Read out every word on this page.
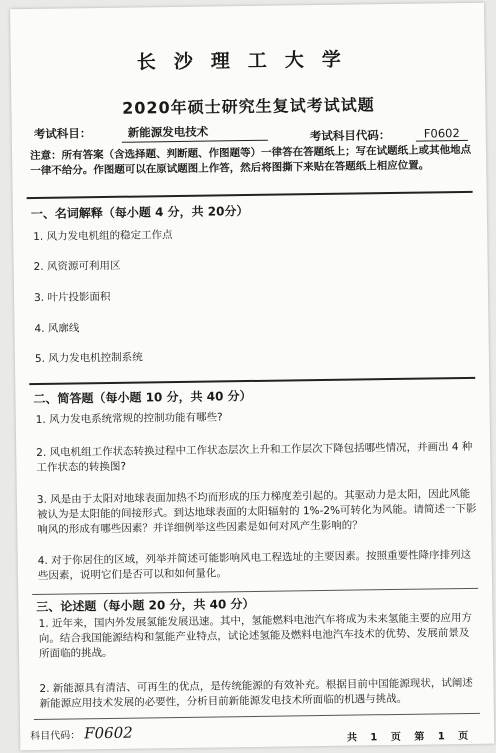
长沙理工大学
2020年硕士研究生复试考试试题
考试科目：	新能源发电技术	考试科目代码：	F0602
注意：所有答案（含选择题、判断题、作图题等）一律答在答题纸上；写在试题纸上或其他地点一律不给分。作图题可以在原试题图上作答，然后将图撕下来贴在答题纸上相应位置。
一、名词解释（每小题 4 分，共 20分）
1. 风力发电机组的稳定工作点
2. 风资源可利用区
3. 叶片投影面积
4. 风廓线
5. 风力发电机控制系统
二、简答题（每小题 10 分，共 40 分）
1. 风力发电系统常规的控制功能有哪些?
2. 风电机组工作状态转换过程中工作状态层次上升和工作层次下降包括哪些情况，并画出 4 种工作状态的转换图?
3. 风是由于太阳对地球表面加热不均而形成的压力梯度差引起的。其驱动力是太阳，因此风能被认为是太阳能的间接形式。到达地球表面的太阳辐射的 1%-2%可转化为风能。请简述一下影响风的形成有哪些因素？并详细例举这些因素是如何对风产生影响的？
4. 对于你居住的区域，列举并简述可能影响风电工程选址的主要因素。按照重要性降序排列这些因素，说明它们是否可以和如何量化。
三、论述题（每小题 20 分，共 40 分）
1. 近年来，国内外发展氢能发展迅速。其中，氢能燃料电池汽车将成为未来氢能主要的应用方向。结合我国能源结构和氢能产业特点，试论述氢能及燃料电池汽车技术的优势、发展前景及所面临的挑战。
2. 新能源具有清洁、可再生的优点，是传统能源的有效补充。根据目前中国能源现状，试阐述新能源应用技术发展的必要性，分析目前新能源发电技术所面临的机遇与挑战。
科目代码： F0602	共 1 页 第 1 页
